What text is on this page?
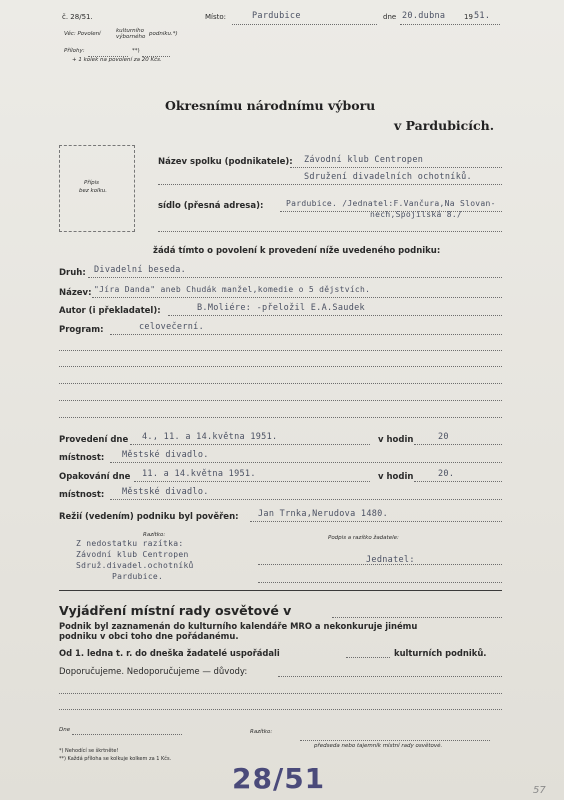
č. 28/51.	Místo:	Pardubice	dne 20.dubna	19 51.
Věc: Povolení	kulturního výborného podniku.*)
Přílohy:	**)
+ 1 kolek na povolení za 20 Kčs.
Okresnímu národnímu výboru
v Pardubicích.
Přípis
bez kolku.
Název spolku (podnikatele): Závodní klub Centropen
Sdružení divadelních ochotníků.
sídlo (přesná adresa):	Pardubice. /Jednatel:F.Vančura,Na Slovan-
nech,Spojilská 8./
žádá tímto o povolení k provedení níže uvedeného podniku:
Druh: Divadelní beseda.
Název: "Jíra Danda" aneb Chudák manžel,komedie o 5 dějstvích.
Autor (i překladatel):	B.Moliére: -přeložil E.A.Saudek
Program:	celovečerní.
Provedení dne 4., 11. a 14.května 1951.	v hodin	20
místnost: Městské divadlo.
Opakování dne 11. a 14.května 1951.	v hodin	20.
místnost: Městské divadlo.
Režií (vedením) podniku byl pověřen: Jan Trnka,Nerudova 1480.
Razítko:
Z nedostatku razítka:
Závodní klub Centropen
Sdruž.divadel.ochotníků
Pardubice.
Podpis a razítko žadatele:
Jednatel:
Vyjádření místní rady osvětové v
Podnik byl zaznamenán do kulturního kalendáře MRO a nekonkuruje jinému
podniku v obci toho dne pořádanému.
Od 1. ledna t. r. do dneška žadatelé uspořádali	kulturních podniků.
Doporučujeme. Nedoporučujeme — důvody:
Dne	Razítko:
předseda nebo tajemník místní rady osvětové.
*) Nehodící se škrtněte!
**) Každá příloha se kolkuje kolkem za 1 Kčs.
28/51	57
